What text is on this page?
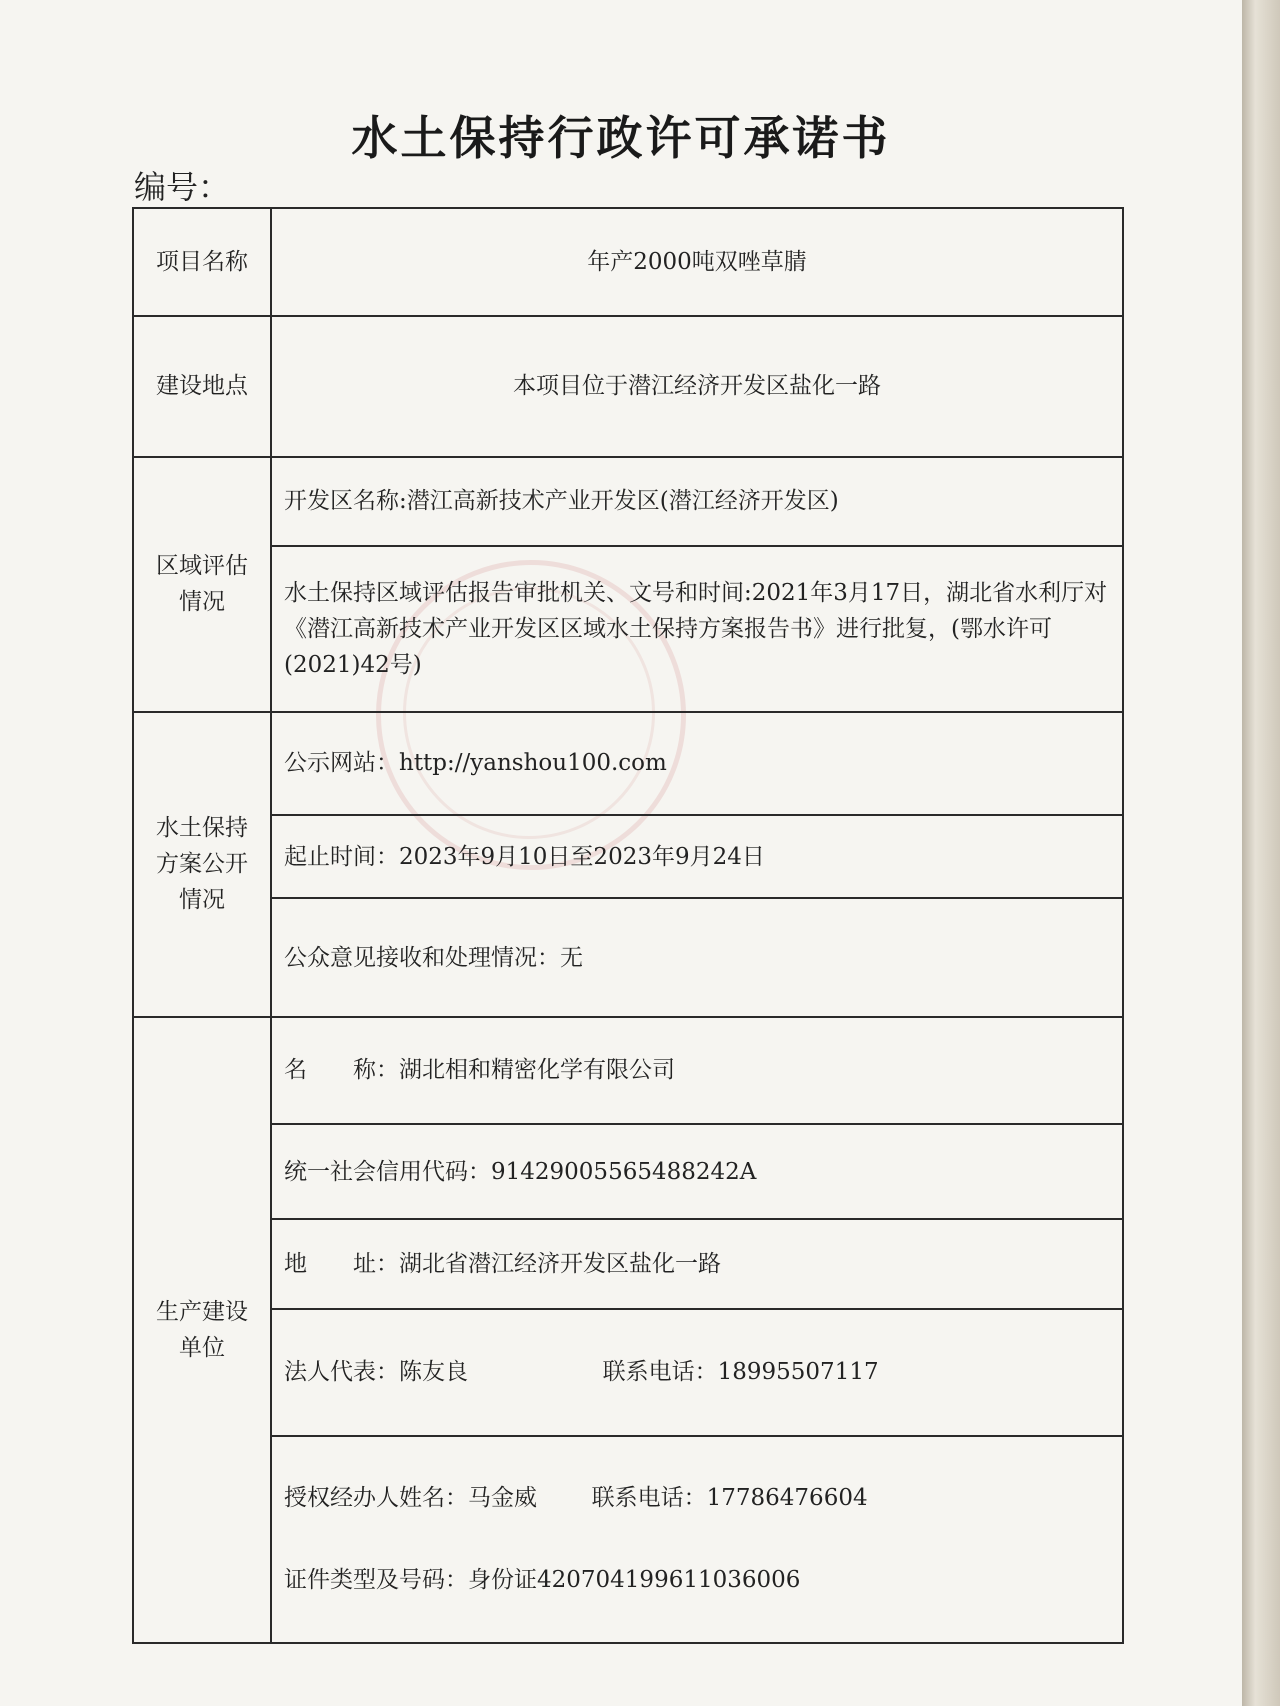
水土保持行政许可承诺书
编号：
项目名称	年产2000吨双唑草腈
建设地点	本项目位于潜江经济开发区盐化一路
区域评估情况	开发区名称:潜江高新技术产业开发区(潜江经济开发区)
	水土保持区域评估报告审批机关、文号和时间:2021年3月17日，湖北省水利厅对《潜江高新技术产业开发区区域水土保持方案报告书》进行批复，(鄂水许可(2021)42号)
水土保持方案公开情况	公示网站：http://yanshou100.com
	起止时间：2023年9月10日至2023年9月24日
	公众意见接收和处理情况：无
生产建设单位	名　　称：湖北相和精密化学有限公司
	统一社会信用代码：91429005565488242A
	地　　址：湖北省潜江经济开发区盐化一路
	法人代表：陈友良 联系电话：18995507117

	授权经办人姓名：马金威 联系电话：17786476604
证件类型及号码：身份证420704199611036006
